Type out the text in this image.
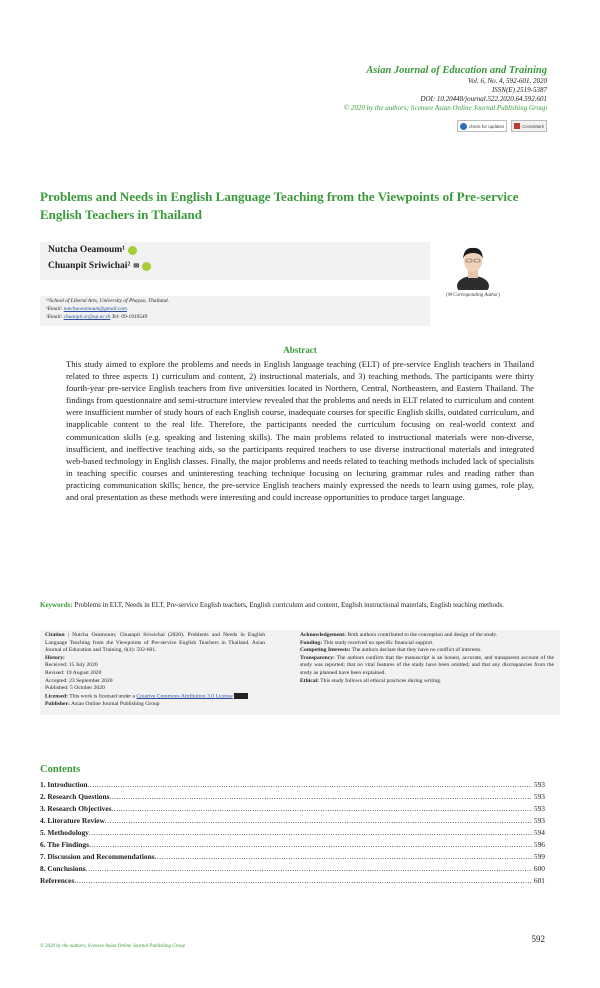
Asian Journal of Education and Training
Vol. 6, No. 4, 592-601, 2020
ISSN(E) 2519-5387
DOI: 10.20448/journal.522.2020.64.592.601
© 2020 by the authors; licensee Asian Online Journal Publishing Group
check for updates	CrossMark
Problems and Needs in English Language Teaching from the Viewpoints of Pre-service English Teachers in Thailand
Nutcha Oeamoum¹
Chuanpit Sriwichai² ✉
(✉ Corresponding Author)
¹²School of Liberal Arts, University of Phayao, Thailand.
¹Email: nutchaoeamoum@gmail.com
²Email: chuanpit.sr@up.ac.th Tel: 09-1919549
Abstract
This study aimed to explore the problems and needs in English language teaching (ELT) of pre-service English teachers in Thailand related to three aspects 1) curriculum and content, 2) instructional materials, and 3) teaching methods. The participants were thirty fourth-year pre-service English teachers from five universities located in Northern, Central, Northeastern, and Eastern Thailand. The findings from questionnaire and semi-structure interview revealed that the problems and needs in ELT related to curriculum and content were insufficient number of study hours of each English course, inadequate courses for specific English skills, outdated curriculum, and inapplicable content to the real life. Therefore, the participants needed the curriculum focusing on real-world context and communication skills (e.g. speaking and listening skills). The main problems related to instructional materials were non-diverse, insufficient, and ineffective teaching aids, so the participants required teachers to use diverse instructional materials and integrated web-based technology in English classes. Finally, the major problems and needs related to teaching methods included lack of specialists in teaching specific courses and uninteresting teaching technique focusing on lecturing grammar rules and reading rather than practicing communication skills; hence, the pre-service English teachers mainly expressed the needs to learn using games, role play, and oral presentation as these methods were interesting and could increase opportunities to produce target language.
Keywords: Problems in ELT, Needs in ELT, Pre-service English teachers, English curriculum and content, English instructional materials, English teaching methods.
Citation | Nutcha Oeamoum; Chuanpit Sriwichai (2020). Problems and Needs in English Language Teaching from the Viewpoints of Pre-service English Teachers in Thailand. Asian Journal of Education and Training, 6(4): 592-601.
History:
Received: 15 July 2020
Revised: 19 August 2020
Accepted: 23 September 2020
Published: 5 October 2020
Licensed: This work is licensed under a Creative Commons Attribution 3.0 License
Publisher: Asian Online Journal Publishing Group
Acknowledgement: Both authors contributed to the conception and design of the study.
Funding: This study received no specific financial support.
Competing Interests: The authors declare that they have no conflict of interests.
Transparency: The authors confirm that the manuscript is an honest, accurate, and transparent account of the study was reported; that no vital features of the study have been omitted; and that any discrepancies from the study as planned have been explained.
Ethical: This study follows all ethical practices during writing.
Contents
1. Introduction .....	593
2. Research Questions .....	593
3. Research Objectives .....	593
4. Literature Review .....	593
5. Methodology .....	594
6. The Findings .....	596
7. Discussion and Recommendations .....	599
8. Conclusions .....	600
References .....	601
592
© 2020 by the authors; licensee Asian Online Journal Publishing Group
